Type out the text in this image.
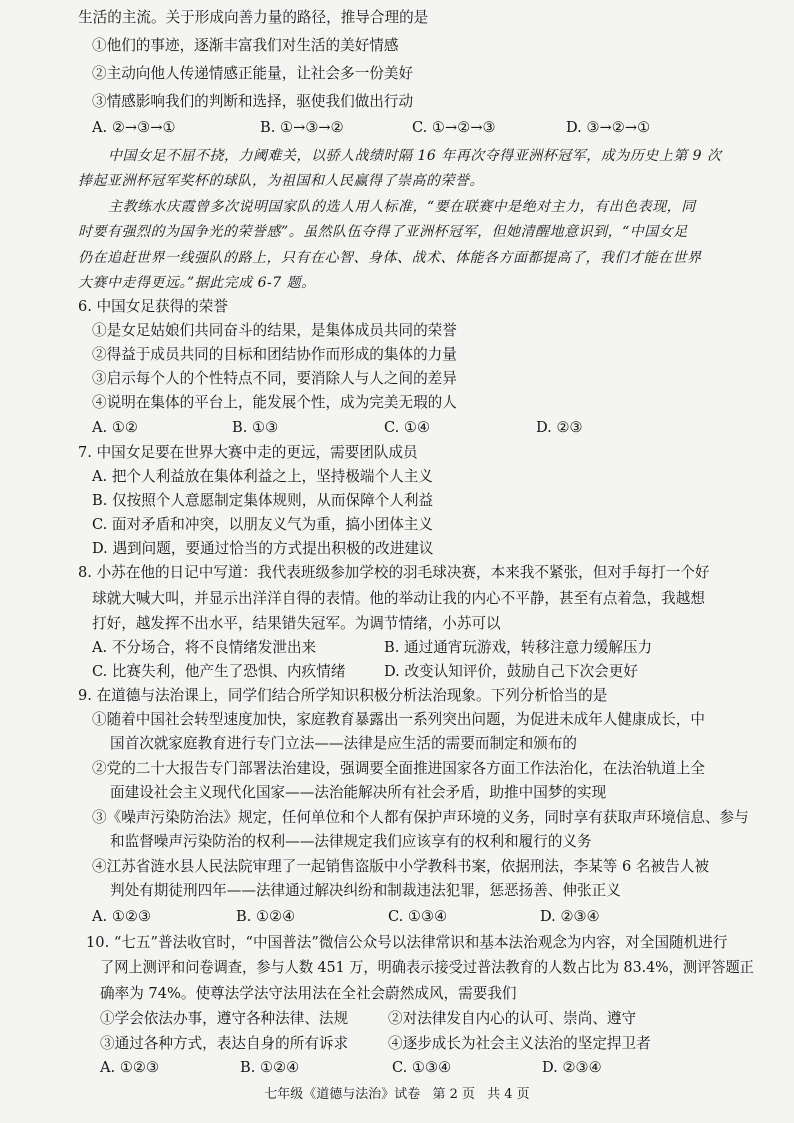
生活的主流。关于形成向善力量的路径，推导合理的是
①他们的事迹，逐渐丰富我们对生活的美好情感
②主动向他人传递情感正能量，让社会多一份美好
③情感影响我们的判断和选择，驱使我们做出行动
A. ②→③→①	B. ①→③→②	C. ①→②→③	D. ③→②→①
中国女足不屈不挠，力阈难关，以骄人战绩时隔 16 年再次夺得亚洲杯冠军，成为历史上第 9 次
捧起亚洲杯冠军奖杯的球队，为祖国和人民赢得了崇高的荣誉。
主教练水庆霞曾多次说明国家队的选人用人标准，“要在联赛中是绝对主力，有出色表现，同
时要有强烈的为国争光的荣誉感”。虽然队伍夺得了亚洲杯冠军，但她清醒地意识到，“中国女足
仍在追赶世界一线强队的路上，只有在心智、身体、战术、体能各方面都提高了，我们才能在世界
大赛中走得更远。”据此完成 6-7 题。
6. 中国女足获得的荣誉
①是女足姑娘们共同奋斗的结果，是集体成员共同的荣誉
②得益于成员共同的目标和团结协作而形成的集体的力量
③启示每个人的个性特点不同，要消除人与人之间的差异
④说明在集体的平台上，能发展个性，成为完美无瑕的人
A. ①②	B. ①③	C. ①④	D. ②③
7. 中国女足要在世界大赛中走的更远，需要团队成员
A. 把个人利益放在集体利益之上，坚持极端个人主义
B. 仅按照个人意愿制定集体规则，从而保障个人利益
C. 面对矛盾和冲突，以朋友义气为重，搞小团体主义
D. 遇到问题，要通过恰当的方式提出积极的改进建议
8. 小苏在他的日记中写道：我代表班级参加学校的羽毛球决赛，本来我不紧张，但对手每打一个好
球就大喊大叫，并显示出洋洋自得的表情。他的举动让我的内心不平静，甚至有点着急，我越想
打好，越发挥不出水平，结果错失冠军。为调节情绪，小苏可以
A. 不分场合，将不良情绪发泄出来	B. 通过通宵玩游戏，转移注意力缓解压力
C. 比赛失利，他产生了恐惧、内疚情绪	D. 改变认知评价，鼓励自己下次会更好
9. 在道德与法治课上，同学们结合所学知识积极分析法治现象。下列分析恰当的是
①随着中国社会转型速度加快，家庭教育暴露出一系列突出问题，为促进未成年人健康成长，中
国首次就家庭教育进行专门立法——法律是应生活的需要而制定和颁布的
②党的二十大报告专门部署法治建设，强调要全面推进国家各方面工作法治化，在法治轨道上全
面建设社会主义现代化国家——法治能解决所有社会矛盾，助推中国梦的实现
③《噪声污染防治法》规定，任何单位和个人都有保护声环境的义务，同时享有获取声环境信息、参与
和监督噪声污染防治的权利——法律规定我们应该享有的权利和履行的义务
④江苏省涟水县人民法院审理了一起销售盗版中小学教科书案，依据刑法，李某等 6 名被告人被
判处有期徒刑四年——法律通过解决纠纷和制裁违法犯罪，惩恶扬善、伸张正义
A. ①②③	B. ①②④	C. ①③④	D. ②③④
10. “七五”普法收官时，“中国普法”微信公众号以法律常识和基本法治观念为内容，对全国随机进行
了网上测评和问卷调查，参与人数 451 万，明确表示接受过普法教育的人数占比为 83.4%，测评答题正
确率为 74%。使尊法学法守法用法在全社会蔚然成风，需要我们
①学会依法办事，遵守各种法律、法规	②对法律发自内心的认可、崇尚、遵守
③通过各种方式，表达自身的所有诉求	④逐步成长为社会主义法治的坚定捍卫者
A. ①②③	B. ①②④	C. ①③④	D. ②③④
七年级《道德与法治》试卷 第 2 页 共 4 页
